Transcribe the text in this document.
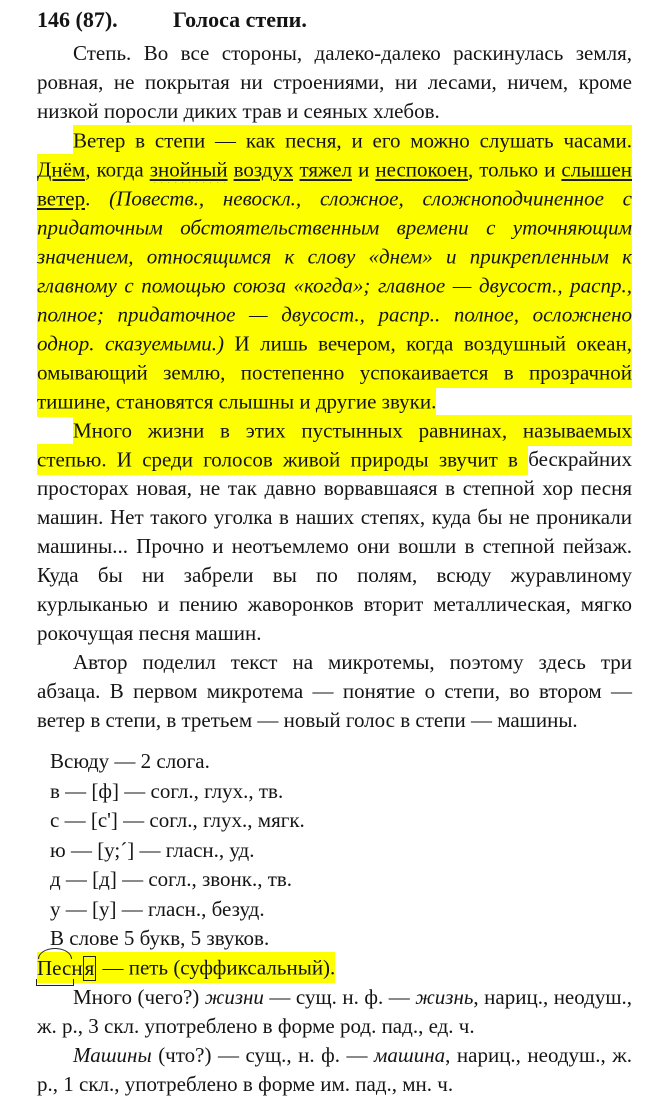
146 (87).	Голоса степи.

Степь. Во все стороны, далеко-далеко раскинулась земля, ровная, не покрытая ни строениями, ни лесами, ничем, кроме низкой поросли диких трав и сеяных хлебов.

Ветер в степи — как песня, и его можно слушать часами. Днём, когда знойный воздух тяжел и неспокоен, только и слышен ветер. (Повеств., невоскл., сложное, сложноподчиненное с придаточным обстоятельственным времени с уточняющим значением, относящимся к слову «днем» и прикрепленным к главному с помощью союза «когда»; главное — двусост., распр., полное; придаточное — двусост., распр.. полное, осложнено однор. сказуемыми.) И лишь вечером, когда воздушный океан, омывающий землю, постепенно успокаивается в прозрачной тишине, становятся слышны и другие звуки.

Много жизни в этих пустынных равнинах, называемых степью. И среди голосов живой природы звучит в бескрайних просторах новая, не так давно ворвавшаяся в степной хор песня машин. Нет такого уголка в наших степях, куда бы не проникали машины... Прочно и неотъемлемо они вошли в степной пейзаж. Куда бы ни забрели вы по полям, всюду журавлиному курлыканью и пению жаворонков вторит металлическая, мягко рокочущая песня машин.

Автор поделил текст на микротемы, поэтому здесь три абзаца. В первом микротема — понятие о степи, во втором — ветер в степи, в третьем — новый голос в степи — машины.

Всюду — 2 слога.
в — [ф] — согл., глух., тв.
с — [с'] — согл., глух., мягк.
ю — [у;´] — гласн., уд.
д — [д] — согл., звонк., тв.
у — [у] — гласн., безуд.
В слове 5 букв, 5 звуков.

Песня — петь (суффиксальный).

Много (чего?) жизни — сущ. н. ф. — жизнь, нариц., неодуш., ж. р., 3 скл. употреблено в форме род. пад., ед. ч.

Машины (что?) — сущ., н. ф. — машина, нариц., неодуш., ж. р., 1 скл., употреблено в форме им. пад., мн. ч.
